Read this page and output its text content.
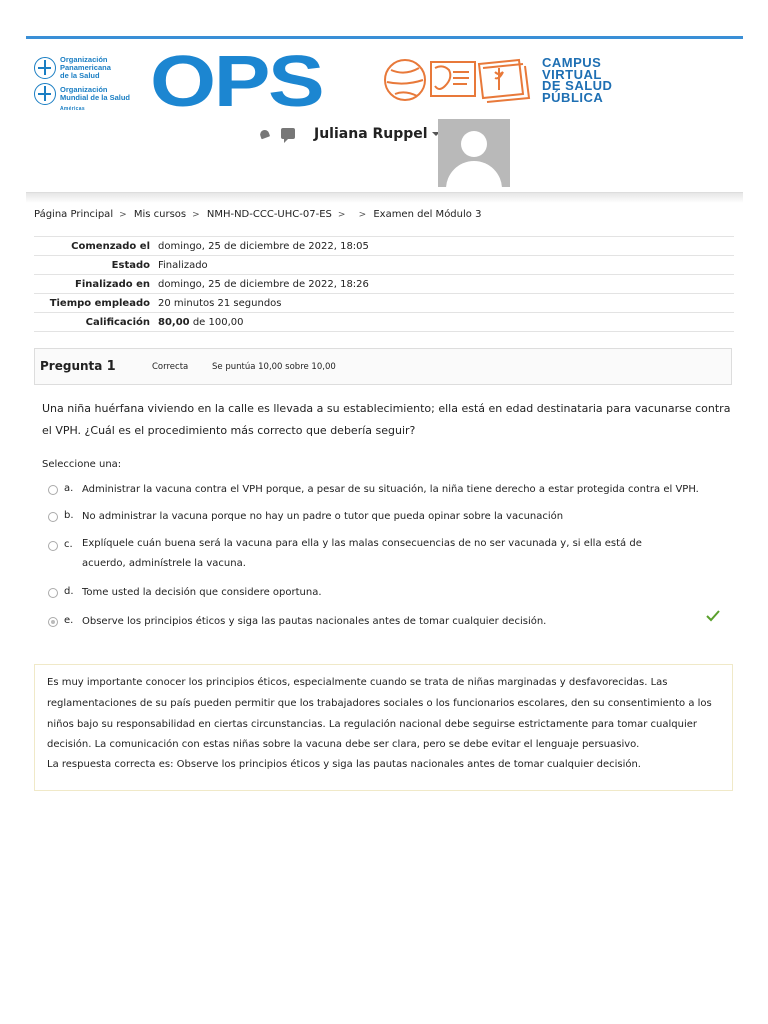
Organización
Panamericana
de la Salud
Organización
Mundial de la Salud
Américas OPS	CAMPUS
VIRTUAL
DE SALUD
PÚBLICA
Juliana Ruppel
Página Principal > Mis cursos > NMH-ND-CCC-UHC-07-ES > > Examen del Módulo 3
Comenzado el	domingo, 25 de diciembre de 2022, 18:05
Estado	Finalizado
Finalizado en	domingo, 25 de diciembre de 2022, 18:26
Tiempo empleado	20 minutos 21 segundos
Calificación	80,00 de 100,00
Pregunta 1	Correcta	Se puntúa 10,00 sobre 10,00
Una niña huérfana viviendo en la calle es llevada a su establecimiento; ella está en edad destinataria para vacunarse contra el VPH. ¿Cuál es el procedimiento más correcto que debería seguir?
Seleccione una:
a. Administrar la vacuna contra el VPH porque, a pesar de su situación, la niña tiene derecho a estar protegida contra el VPH.
b. No administrar la vacuna porque no hay un padre o tutor que pueda opinar sobre la vacunación
c. Explíquele cuán buena será la vacuna para ella y las malas consecuencias de no ser vacunada y, si ella está de acuerdo, adminístrele la vacuna.
d. Tome usted la decisión que considere oportuna.
e. Observe los principios éticos y siga las pautas nacionales antes de tomar cualquier decisión.
Es muy importante conocer los principios éticos, especialmente cuando se trata de niñas marginadas y desfavorecidas. Las reglamentaciones de su país pueden permitir que los trabajadores sociales o los funcionarios escolares, den su consentimiento a los niños bajo su responsabilidad en ciertas circunstancias. La regulación nacional debe seguirse estrictamente para tomar cualquier decisión. La comunicación con estas niñas sobre la vacuna debe ser clara, pero se debe evitar el lenguaje persuasivo.
La respuesta correcta es: Observe los principios éticos y siga las pautas nacionales antes de tomar cualquier decisión.
